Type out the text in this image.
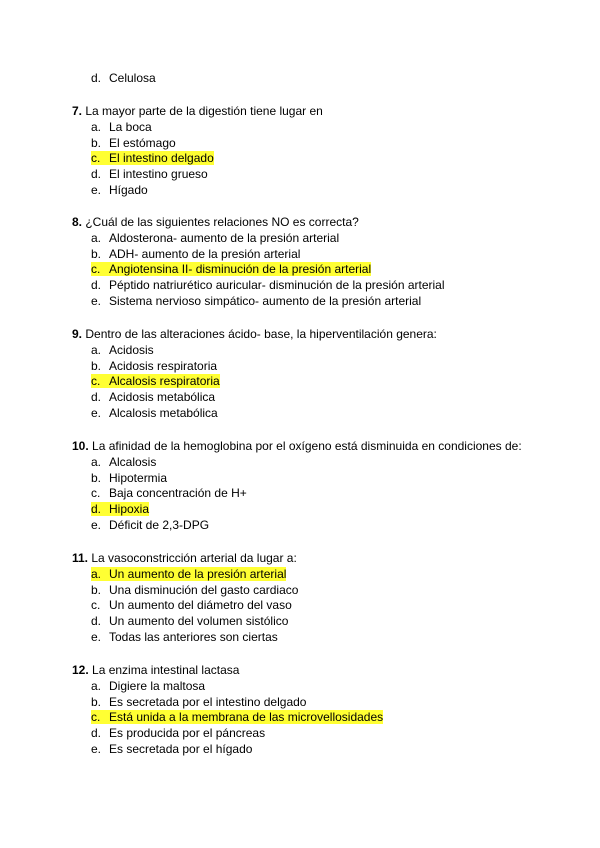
d. Celulosa
7. La mayor parte de la digestión tiene lugar en
a. La boca
b. El estómago
c. El intestino delgado
d. El intestino grueso
e. Hígado
8. ¿Cuál de las siguientes relaciones NO es correcta?
a. Aldosterona- aumento de la presión arterial
b. ADH- aumento de la presión arterial
c. Angiotensina II- disminución de la presión arterial
d. Péptido natriurético auricular- disminución de la presión arterial
e. Sistema nervioso simpático- aumento de la presión arterial
9. Dentro de las alteraciones ácido- base, la hiperventilación genera:
a. Acidosis
b. Acidosis respiratoria
c. Alcalosis respiratoria
d. Acidosis metabólica
e. Alcalosis metabólica
10. La afinidad de la hemoglobina por el oxígeno está disminuida en condiciones de:
a. Alcalosis
b. Hipotermia
c. Baja concentración de H+
d. Hipoxia
e. Déficit de 2,3-DPG
11. La vasoconstricción arterial da lugar a:
a. Un aumento de la presión arterial
b. Una disminución del gasto cardiaco
c. Un aumento del diámetro del vaso
d. Un aumento del volumen sistólico
e. Todas las anteriores son ciertas
12. La enzima intestinal lactasa
a. Digiere la maltosa
b. Es secretada por el intestino delgado
c. Está unida a la membrana de las microvellosidades
d. Es producida por el páncreas
e. Es secretada por el hígado
